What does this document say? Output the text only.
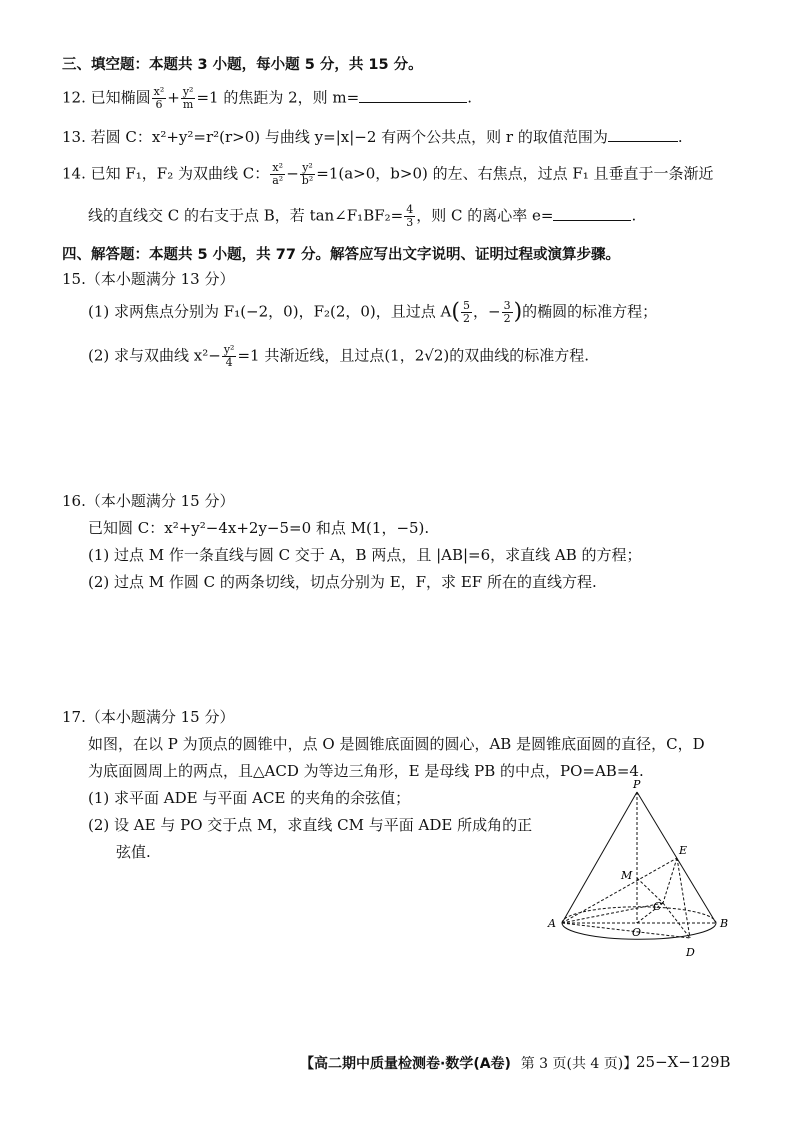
三、填空题：本题共 3 小题，每小题 5 分，共 15 分。
12. 已知椭圆 $\frac{\text{x²}}{6} + \frac{\text{y²}}{m} =1$ 的焦距为 2，则 m=	.
13. 若圆 C：x²+y²=r²(r>0) 与曲线 y=|x|−2 有两个公共点，则 r 的取值范围为	.
14. 已知 F₁，F₂ 为双曲线 C： $\frac{\text{x²}}{\text{a²}} - \frac{\text{y²}}{\text{b²}} =1(a>0$，b>0) 的左、右焦点，过点 F₁ 且垂直于一条渐近
线的直线交 C 的右支于点 B，若 tan∠F₁BF₂= $\frac{4}{3}$ ，则 C 的离心率 e=	.
四、解答题：本题共 5 小题，共 77 分。解答应写出文字说明、证明过程或演算步骤。
15.（本小题满分 13 分）
(1) 求两焦点分别为 F₁(−2，0)，F₂(2，0)，且过点 $A( \frac{5}{2}$ ，− $\frac{3}{2}$ )的椭圆的标准方程；
(2) 求与双曲线 $x^2- \frac{\text{y²}}{4} =1$ 共渐近线，且过点(1，2√2)的双曲线的标准方程.
16.（本小题满分 15 分）
已知圆 C：x²+y²−4x+2y−5=0 和点 M(1，−5).
(1) 过点 M 作一条直线与圆 C 交于 A，B 两点，且 |AB|=6，求直线 AB 的方程；
(2) 过点 M 作圆 C 的两条切线，切点分别为 E，F，求 EF 所在的直线方程.
17.（本小题满分 15 分）
如图，在以 P 为顶点的圆锥中，点 O 是圆锥底面圆的圆心，AB 是圆锥底面圆的直径，C，D
为底面圆周上的两点，且△ACD 为等边三角形，E 是母线 PB 的中点，PO=AB=4.
(1) 求平面 ADE 与平面 ACE 的夹角的余弦值；
(2) 设 AE 与 PO 交于点 M，求直线 CM 与平面 ADE 所成角的正
弦值.
P
E
M
C
A
O
B
D
【高二期中质量检测卷·数学(A卷) 第 3 页(共 4 页)】
25−X−129B
